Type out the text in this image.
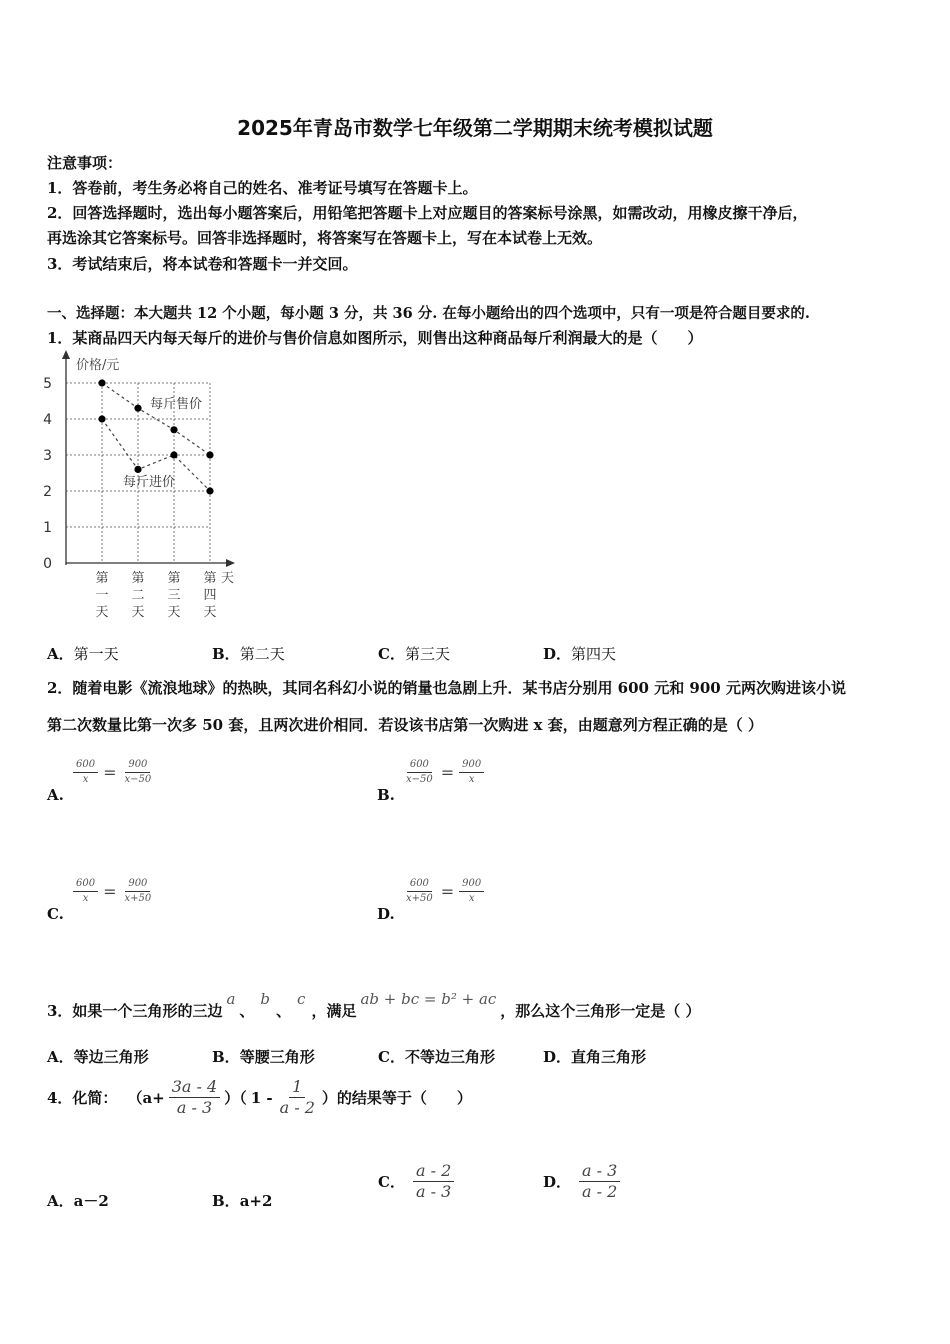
2025年青岛市数学七年级第二学期期末统考模拟试题
注意事项：
1．答卷前，考生务必将自己的姓名、准考证号填写在答题卡上。
2．回答选择题时，选出每小题答案后，用铅笔把答题卡上对应题目的答案标号涂黑，如需改动，用橡皮擦干净后，
再选涂其它答案标号。回答非选择题时，将答案写在答题卡上，写在本试卷上无效。
3．考试结束后，将本试卷和答题卡一并交回。
一、选择题：本大题共 12 个小题，每小题 3 分，共 36 分. 在每小题给出的四个选项中，只有一项是符合题目要求的.
1．某商品四天内每天每斤的进价与售价信息如图所示，则售出这种商品每斤利润最大的是（　　）
价格/元
天
0
1
2
3
4
5
第
一
天
第
二
天
第
三
天
第
四
天
每斤售价
每斤进价
A．第一天	B．第二天	C．第三天	D．第四天
2．随着电影《流浪地球》的热映，其同名科幻小说的销量也急剧上升．某书店分别用 600 元和 900 元两次购进该小说
第二次数量比第一次多 50 套，且两次进价相同．若设该书店第一次购进 x 套，由题意列方程正确的是（ ）
$\frac{600}{x} = \frac{900}{x-50}$
A.
$\frac{600}{x-50} = \frac{900}{x}$
B.
$\frac{600}{x} = \frac{900}{x+50}$
C.
$\frac{600}{x+50} = \frac{900}{x}$
D.
3．如果一个三角形的三边a、b、c，满足ab + bc = b² + ac，那么这个三角形一定是（ ）
A．等边三角形	B．等腰三角形	C．不等边三角形	D．直角三角形
4．化简： （$a+ \frac{3a - 4}{a - 3}$ ）（ $1 - \frac{1}{a - 2}$ ）的结果等于（　　）
A．a－2	B．a+2
C． $\frac{a - 2}{a - 3}$	D． $\frac{a - 3}{a - 2}$
